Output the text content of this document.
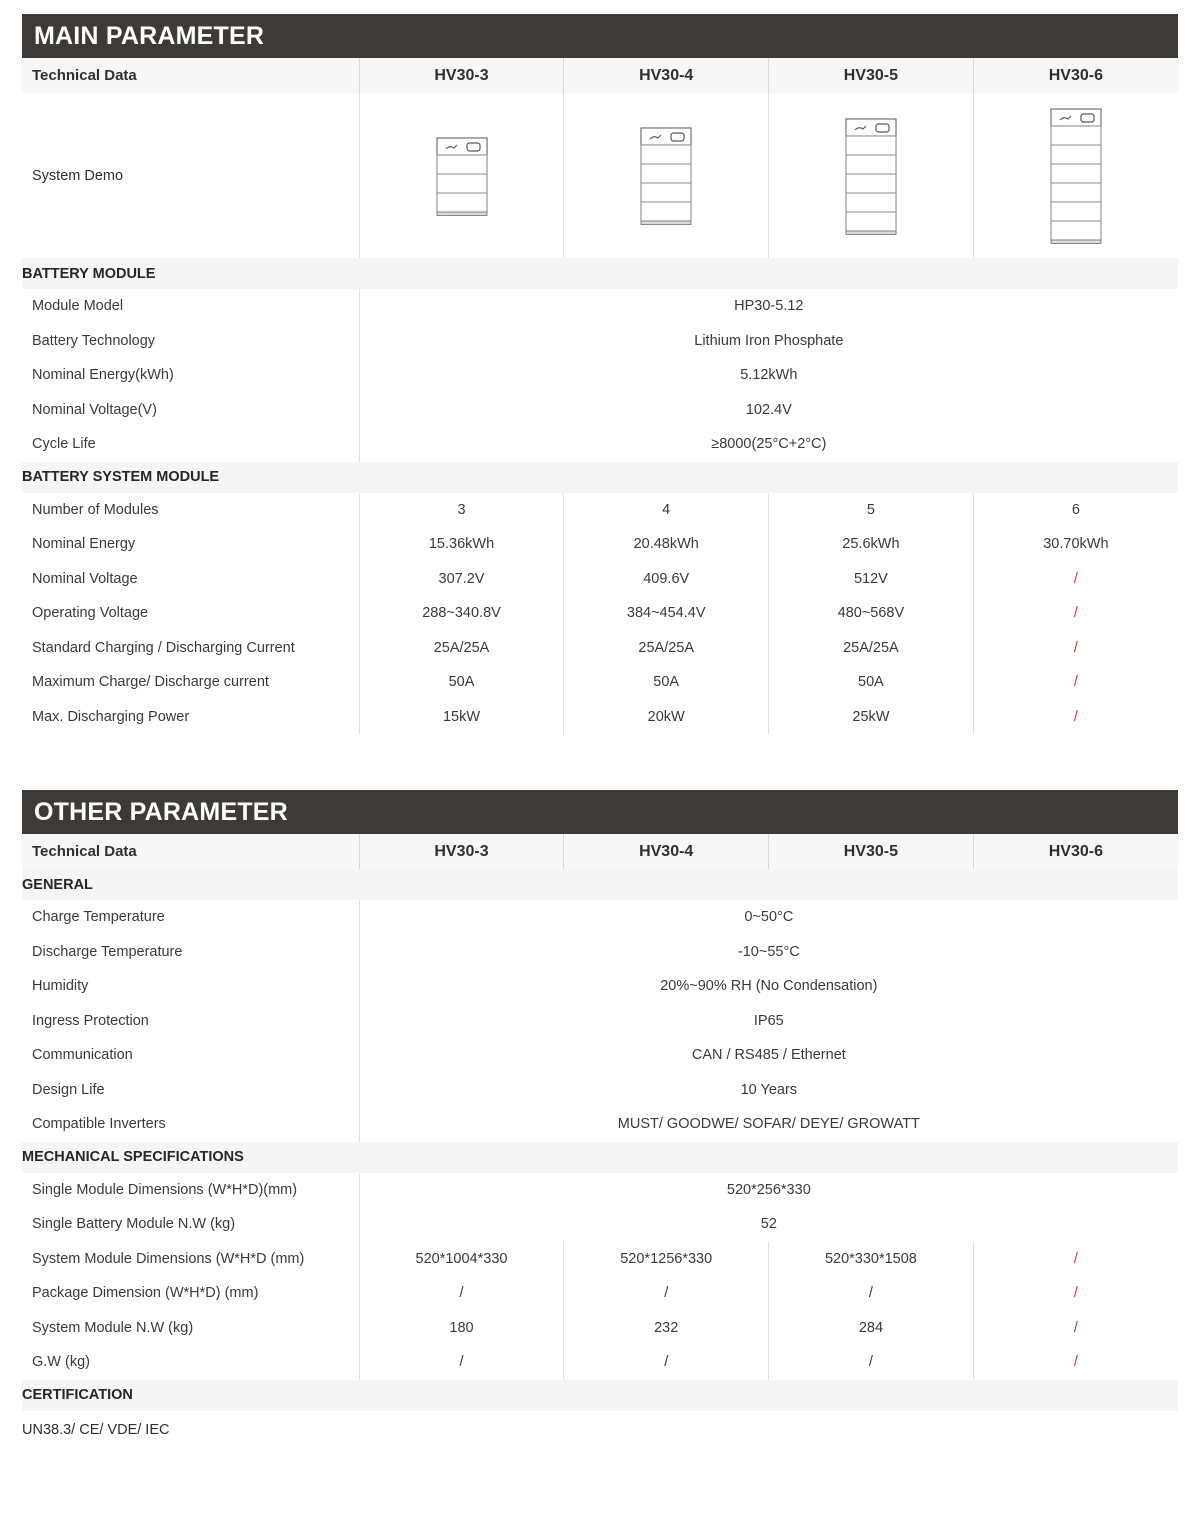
MAIN PARAMETER
Technical Data	HV30-3	HV30-4	HV30-5	HV30-6
System Demo				
BATTERY MODULE				
Module Model	HP30-5.12			
Battery Technology	Lithium Iron Phosphate			
Nominal Energy(kWh)	5.12kWh			
Nominal Voltage(V)	102.4V			
Cycle Life	≥8000(25°C+2°C)			
BATTERY SYSTEM MODULE				
Number of Modules	3	4	5	6
Nominal Energy	15.36kWh	20.48kWh	25.6kWh	30.70kWh
Nominal Voltage	307.2V	409.6V	512V	/
Operating Voltage	288~340.8V	384~454.4V	480~568V	/
Standard Charging / Discharging Current	25A/25A	25A/25A	25A/25A	/
Maximum Charge/ Discharge current	50A	50A	50A	/
Max. Discharging Power	15kW	20kW	25kW	/
OTHER PARAMETER
Technical Data	HV30-3	HV30-4	HV30-5	HV30-6
GENERAL				
Charge Temperature	0~50°C			
Discharge Temperature	-10~55°C			
Humidity	20%~90% RH (No Condensation)			
Ingress Protection	IP65			
Communication	CAN / RS485 / Ethernet			
Design Life	10 Years			
Compatible Inverters	MUST/ GOODWE/ SOFAR/ DEYE/ GROWATT			
MECHANICAL SPECIFICATIONS				
Single Module Dimensions (W*H*D)(mm)	520*256*330			
Single Battery Module N.W (kg)	52			
System Module Dimensions (W*H*D (mm)	520*1004*330	520*1256*330	520*330*1508	/
Package Dimension (W*H*D) (mm)	/	/	/	/
System Module N.W (kg)	180	232	284	/
G.W (kg)	/	/	/	/
CERTIFICATION				
UN38.3/ CE/ VDE/ IEC				
